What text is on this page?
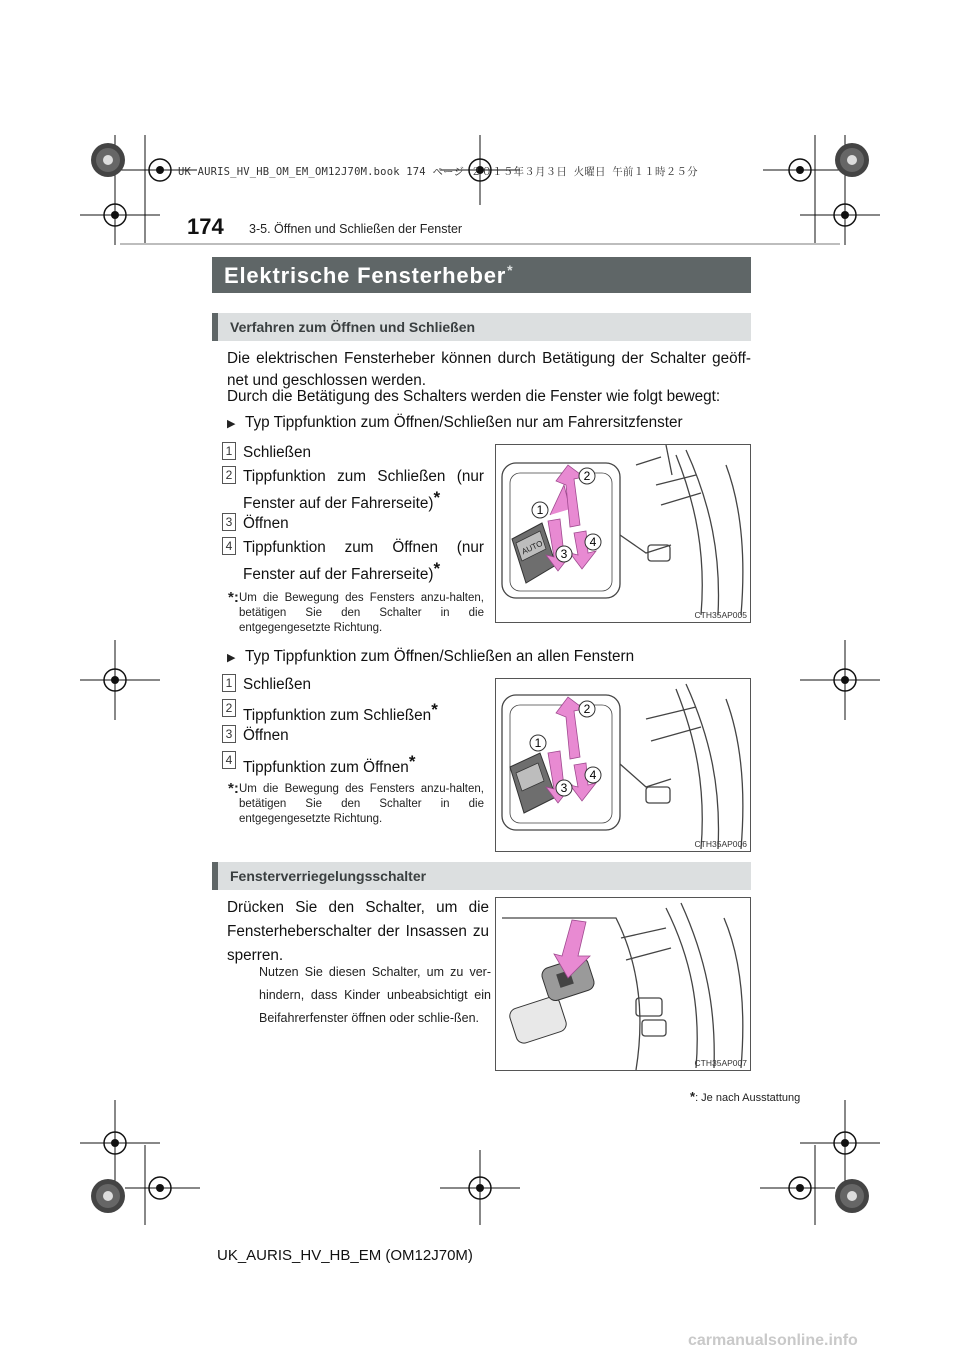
UK AURIS_HV_HB_OM_EM_OM12J70M.book 174 ページ ２０１５年３月３日 火曜日 午前１１時２５分
174 3-5. Öffnen und Schließen der Fenster
Elektrische Fensterheber*
Verfahren zum Öffnen und Schließen
Die elektrischen Fensterheber können durch Betätigung der Schalter geöff-net und geschlossen werden.
Durch die Betätigung des Schalters werden die Fenster wie folgt bewegt:
▶ Typ Tippfunktion zum Öffnen/Schließen nur am Fahrersitzfenster
1 Schließen
2 Tippfunktion zum Schließen (nur Fenster auf der Fahrerseite)*
3 Öffnen
4 Tippfunktion zum Öffnen (nur Fenster auf der Fahrerseite)*
*: Um die Bewegung des Fensters anzu-halten, betätigen Sie den Schalter in die entgegengesetzte Richtung.
AUTO
1
2
3
4
CTH35AP005
▶ Typ Tippfunktion zum Öffnen/Schließen an allen Fenstern
1 Schließen
2 Tippfunktion zum Schließen*
3 Öffnen
4 Tippfunktion zum Öffnen*
*: Um die Bewegung des Fensters anzu-halten, betätigen Sie den Schalter in die entgegengesetzte Richtung.
1
2
3
4
CTH35AP006
Fensterverriegelungsschalter
Drücken Sie den Schalter, um die Fensterheberschalter der Insassen zu sperren.
Nutzen Sie diesen Schalter, um zu ver-hindern, dass Kinder unbeabsichtigt ein Beifahrerfenster öffnen oder schlie-ßen.
CTH35AP007
*: Je nach Ausstattung
UK_AURIS_HV_HB_EM (OM12J70M)
carmanualsonline.info
